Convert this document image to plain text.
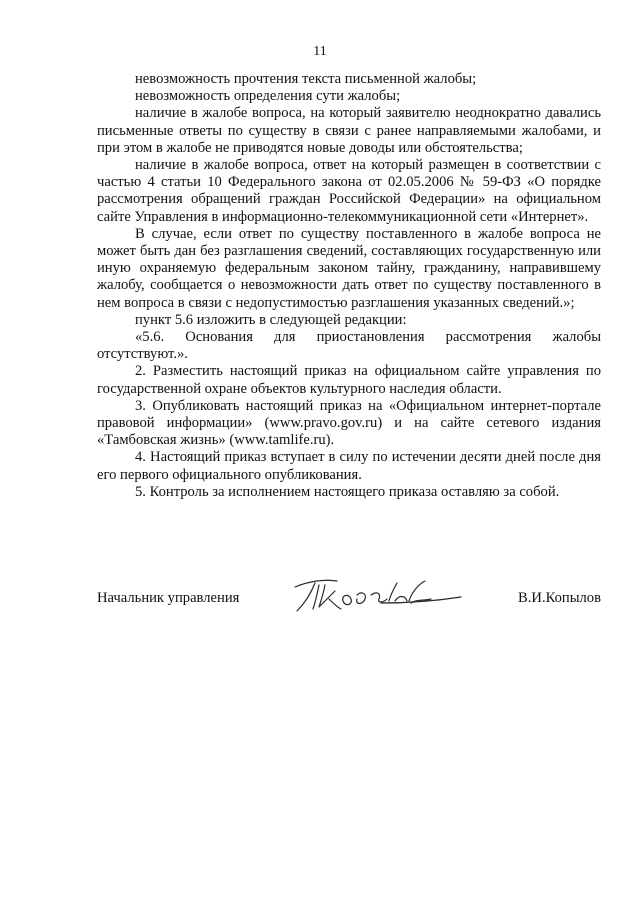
11

невозможность прочтения текста письменной жалобы;

невозможность определения сути жалобы;

наличие в жалобе вопроса, на который заявителю неоднократно давались письменные ответы по существу в связи с ранее направляемыми жалобами, и при этом в жалобе не приводятся новые доводы или обстоятельства;

наличие в жалобе вопроса, ответ на который размещен в соответствии с частью 4 статьи 10 Федерального закона от 02.05.2006 № 59-ФЗ «О порядке рассмотрения обращений граждан Российской Федерации» на официальном сайте Управления в информационно-телекоммуникационной сети «Интернет».

В случае, если ответ по существу поставленного в жалобе вопроса не может быть дан без разглашения сведений, составляющих государственную или иную охраняемую федеральным законом тайну, гражданину, направившему жалобу, сообщается о невозможности дать ответ по существу поставленного в нем вопроса в связи с недопустимостью разглашения указанных сведений.»;

пункт 5.6 изложить в следующей редакции:

«5.6. Основания для приостановления рассмотрения жалобы отсутствуют.».

2. Разместить настоящий приказ на официальном сайте управления по государственной охране объектов культурного наследия области.

3. Опубликовать настоящий приказ на «Официальном интернет-портале правовой информации» (www.pravo.gov.ru) и на сайте сетевого издания «Тамбовская жизнь» (www.tamlife.ru).

4. Настоящий приказ вступает в силу по истечении десяти дней после дня его первого официального опубликования.

5. Контроль за исполнением настоящего приказа оставляю за собой.

Начальник управления	В.И.Копылов
